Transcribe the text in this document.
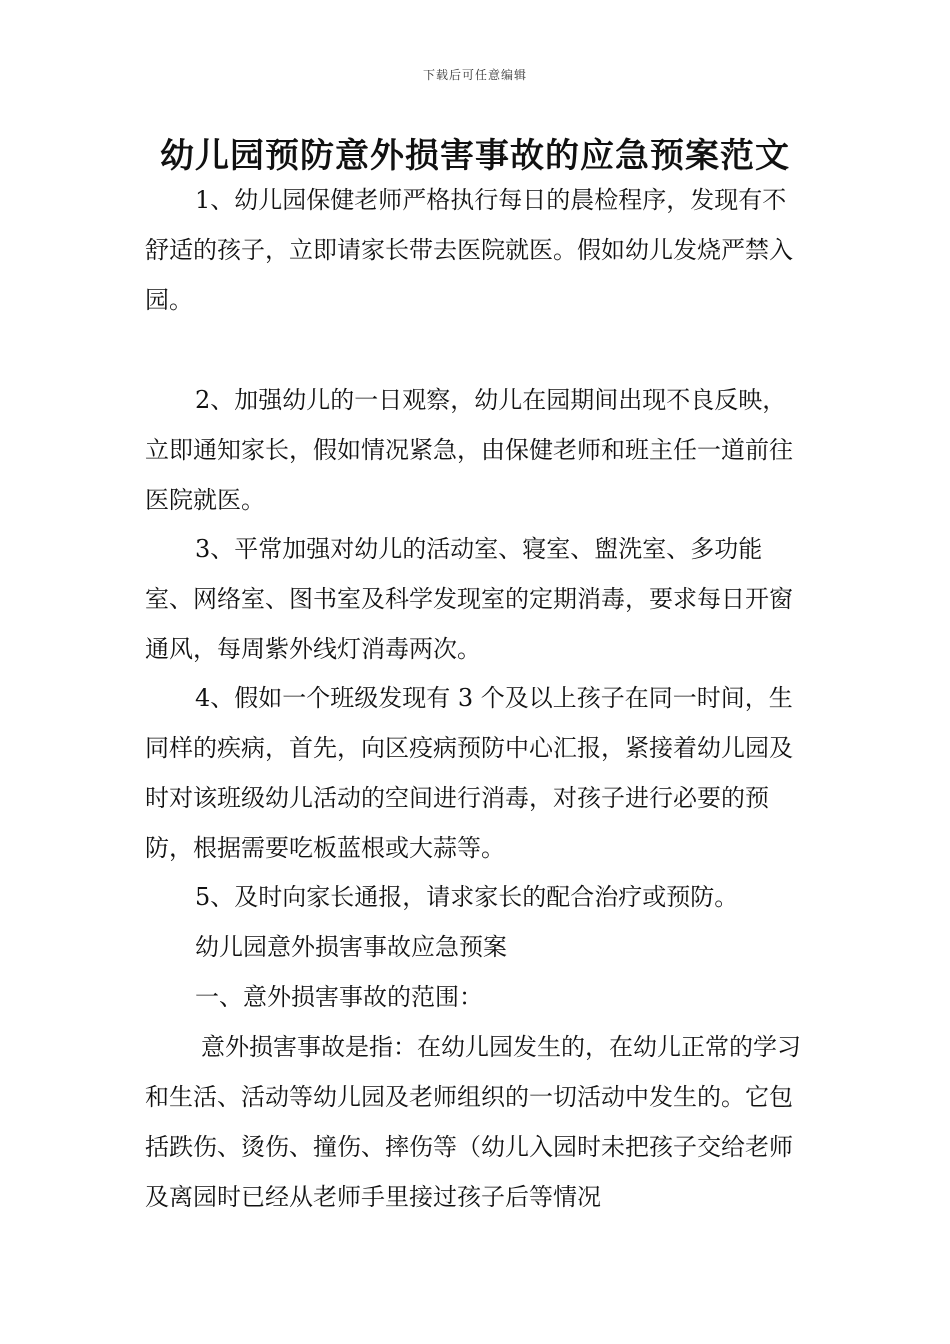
下载后可任意编辑
幼儿园预防意外损害事故的应急预案范文

1、幼儿园保健老师严格执行每日的晨检程序，发现有不舒适的孩子，立即请家长带去医院就医。假如幼儿发烧严禁入园。

2、加强幼儿的一日观察，幼儿在园期间出现不良反映，立即通知家长，假如情况紧急，由保健老师和班主任一道前往医院就医。

3、平常加强对幼儿的活动室、寝室、盥洗室、多功能室、网络室、图书室及科学发现室的定期消毒，要求每日开窗通风，每周紫外线灯消毒两次。

4、假如一个班级发现有 3 个及以上孩子在同一时间，生同样的疾病，首先，向区疫病预防中心汇报，紧接着幼儿园及时对该班级幼儿活动的空间进行消毒，对孩子进行必要的预防，根据需要吃板蓝根或大蒜等。

5、及时向家长通报，请求家长的配合治疗或预防。

幼儿园意外损害事故应急预案

一、意外损害事故的范围：

意外损害事故是指：在幼儿园发生的，在幼儿正常的学习和生活、活动等幼儿园及老师组织的一切活动中发生的。它包括跌伤、烫伤、撞伤、摔伤等（幼儿入园时未把孩子交给老师及离园时已经从老师手里接过孩子后等情况
